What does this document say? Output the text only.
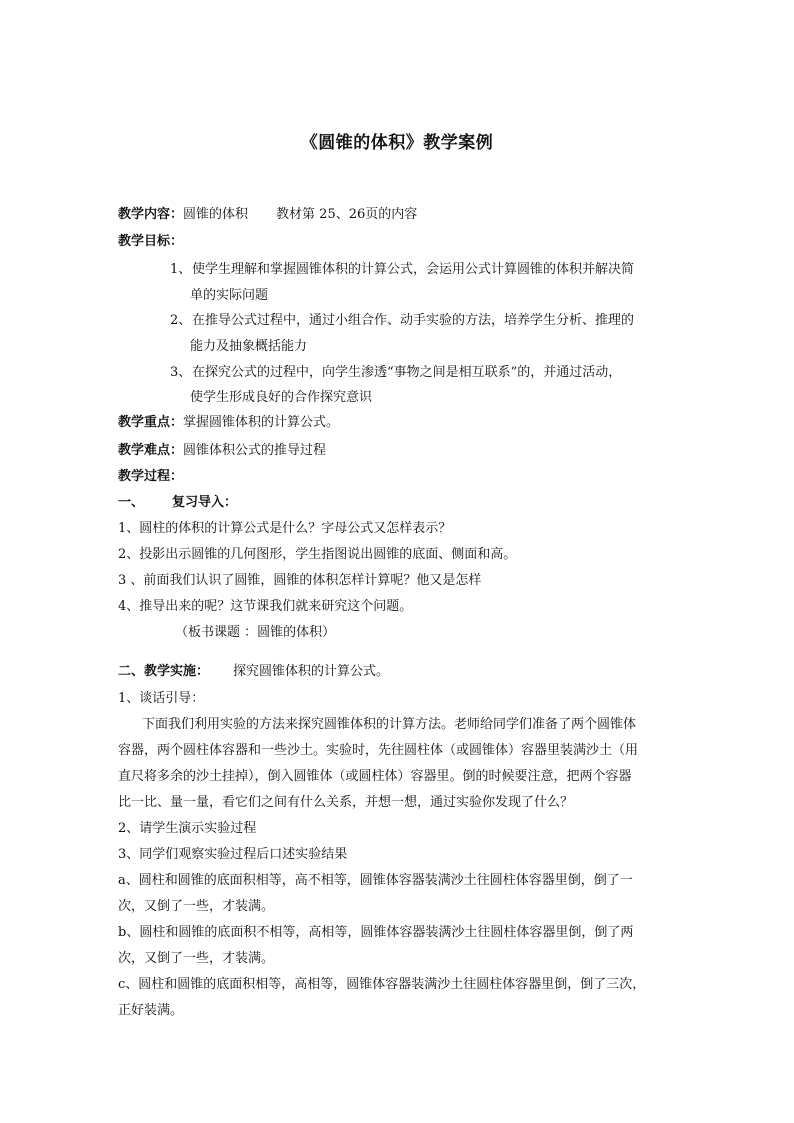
《圆锥的体积》教学案例
教学内容：圆锥的体积 教材第 25、26页的内容
教学目标：
1、使学生理解和掌握圆锥体积的计算公式，会运用公式计算圆锥的体积并解决简
单的实际问题
2、在推导公式过程中，通过小组合作、动手实验的方法，培养学生分析、推理的
能力及抽象概括能力
3、在探究公式的过程中，向学生渗透“事物之间是相互联系”的，并通过活动，
使学生形成良好的合作探究意识
教学重点：掌握圆锥体积的计算公式。
教学难点：圆锥体积公式的推导过程
教学过程：
一、 复习导入：
1、圆柱的体积的计算公式是什么？字母公式又怎样表示？
2、投影出示圆锥的几何图形，学生指图说出圆锥的底面、侧面和高。
3 、前面我们认识了圆锥，圆锥的体积怎样计算呢？他又是怎样
4、推导出来的呢？这节课我们就来研究这个问题。
（板书课题 ：圆锥的体积）
二、教学实施： 探究圆锥体积的计算公式。
1、谈话引导：
下面我们利用实验的方法来探究圆锥体积的计算方法。老师给同学们准备了两个圆锥体
容器，两个圆柱体容器和一些沙土。实验时，先往圆柱体（或圆锥体）容器里装满沙土（用
直尺将多余的沙土挂掉），倒入圆锥体（或圆柱体）容器里。倒的时候要注意，把两个容器
比一比、量一量，看它们之间有什么关系，并想一想，通过实验你发现了什么？
2、请学生演示实验过程
3、同学们观察实验过程后口述实验结果
a、圆柱和圆锥的底面积相等，高不相等，圆锥体容器装满沙土往圆柱体容器里倒，倒了一
次，又倒了一些，才装满。
b、圆柱和圆锥的底面积不相等，高相等，圆锥体容器装满沙土往圆柱体容器里倒，倒了两
次，又倒了一些，才装满。
c、圆柱和圆锥的底面积相等，高相等，圆锥体容器装满沙土往圆柱体容器里倒，倒了三次，
正好装满。
